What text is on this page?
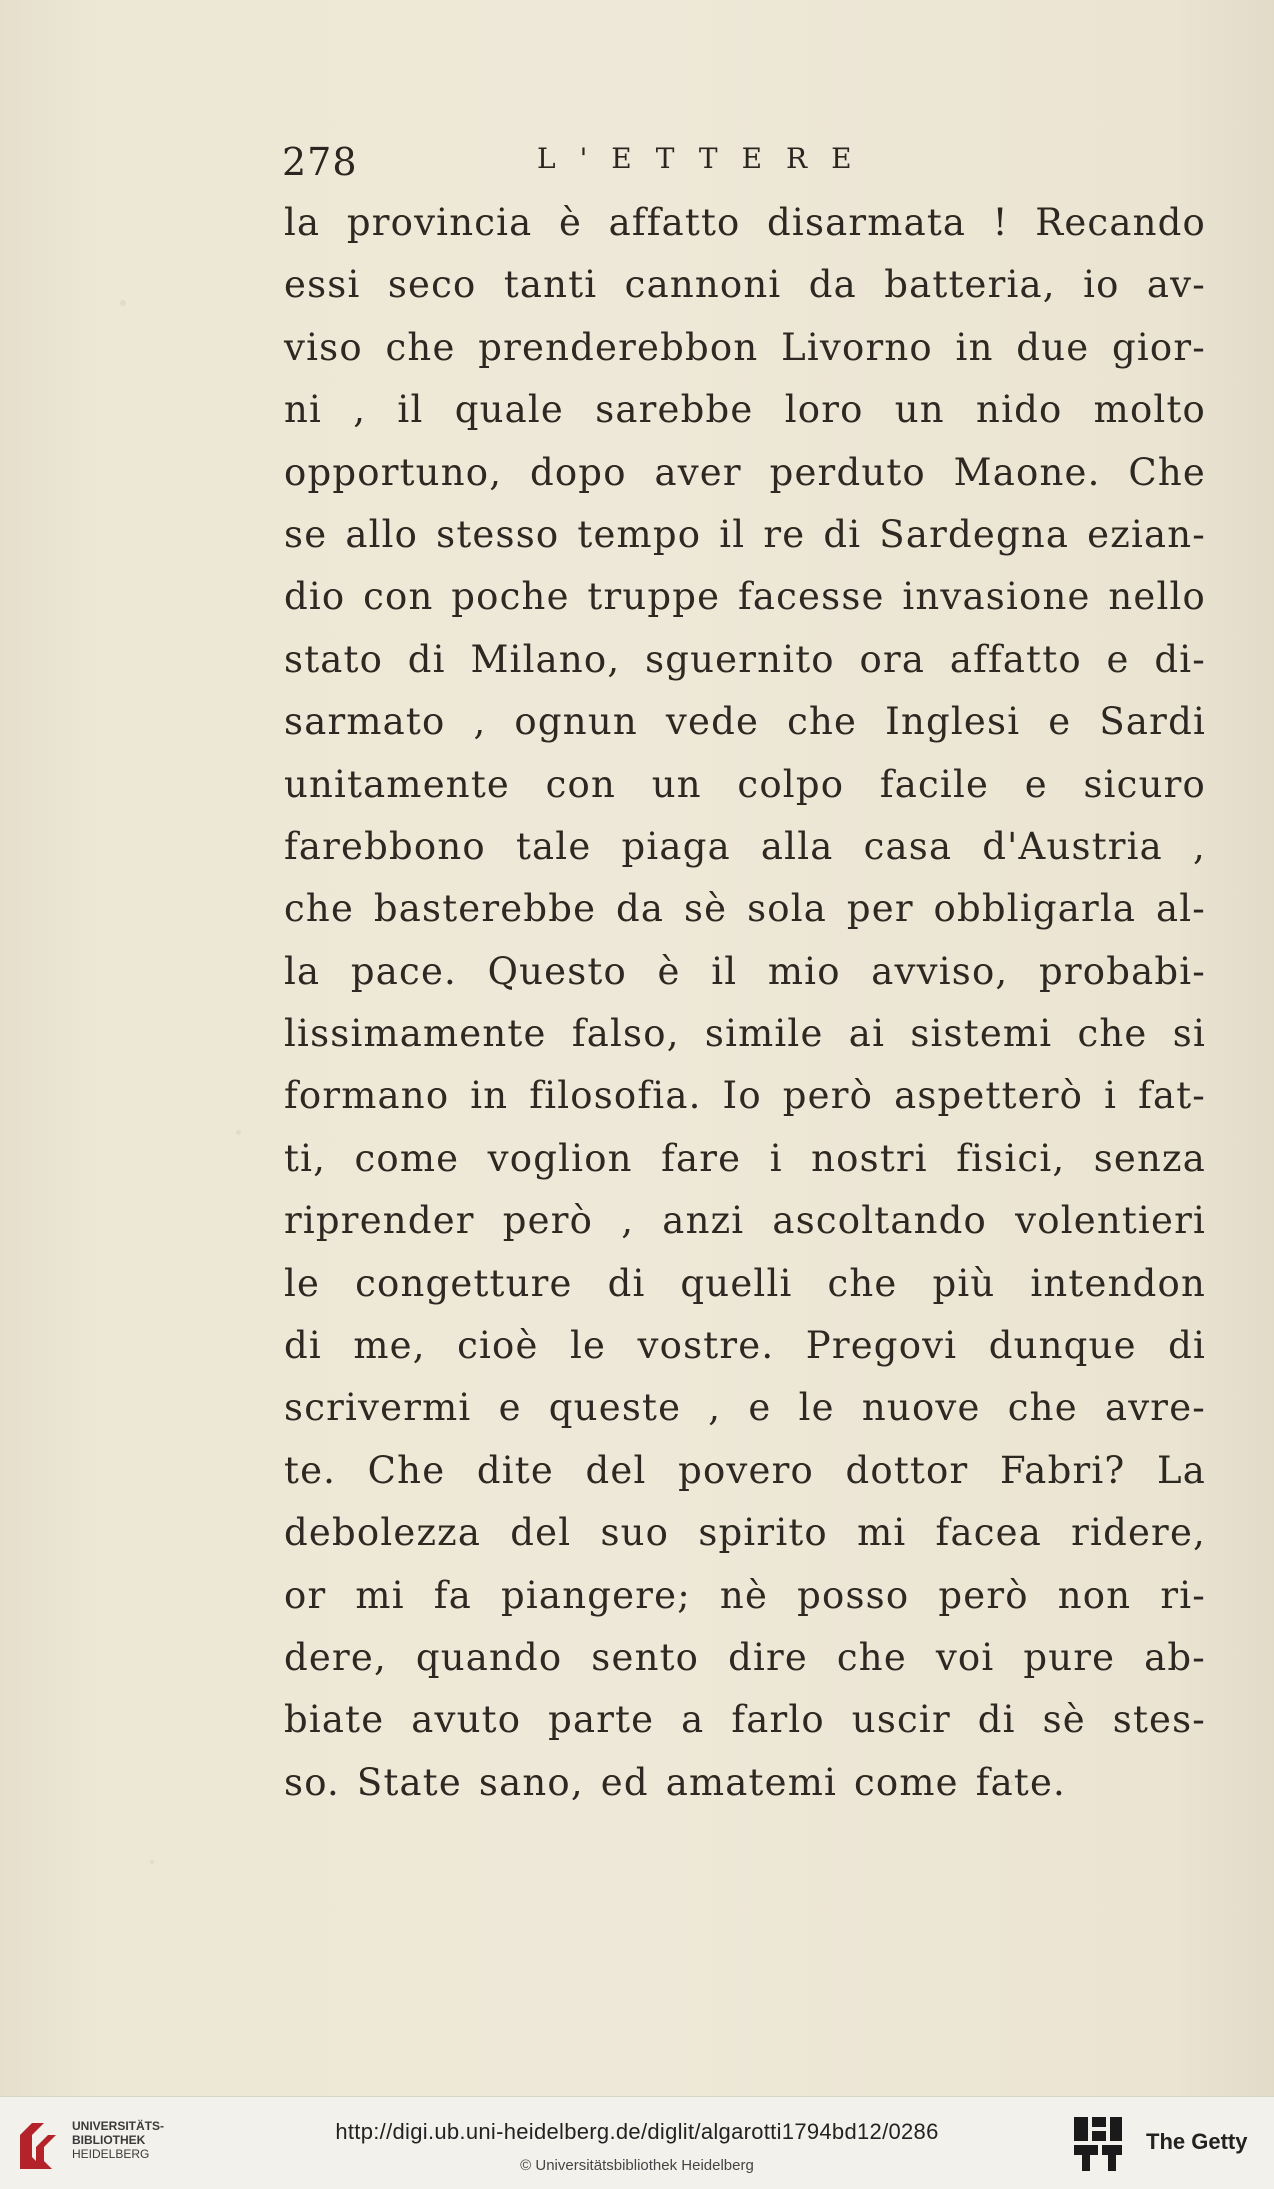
278	L'ETTERE
la provincia è affatto disarmata ! Recando
essi seco tanti cannoni da batteria, io av-
viso che prenderebbon Livorno in due gior-
ni , il quale sarebbe loro un nido molto
opportuno, dopo aver perduto Maone. Che
se allo stesso tempo il re di Sardegna ezian-
dio con poche truppe facesse invasione nello
stato di Milano, sguernito ora affatto e di-
sarmato , ognun vede che Inglesi e Sardi
unitamente con un colpo facile e sicuro
farebbono tale piaga alla casa d'Austria ,
che basterebbe da sè sola per obbligarla al-
la pace. Questo è il mio avviso, probabi-
lissimamente falso, simile ai sistemi che si
formano in filosofia. Io però aspetterò i fat-
ti, come voglion fare i nostri fisici, senza
riprender però , anzi ascoltando volentieri
le congetture di quelli che più intendon
di me, cioè le vostre. Pregovi dunque di
scrivermi e queste , e le nuove che avre-
te. Che dite del povero dottor Fabri? La
debolezza del suo spirito mi facea ridere,
or mi fa piangere; nè posso però non ri-
dere, quando sento dire che voi pure ab-
biate avuto parte a farlo uscir di sè stes-
so. State sano, ed amatemi come fate.
UNIVERSITÄTS-
BIBLIOTHEK
HEIDELBERG
http://digi.ub.uni-heidelberg.de/diglit/algarotti1794bd12/0286
© Universitätsbibliothek Heidelberg
The Getty
